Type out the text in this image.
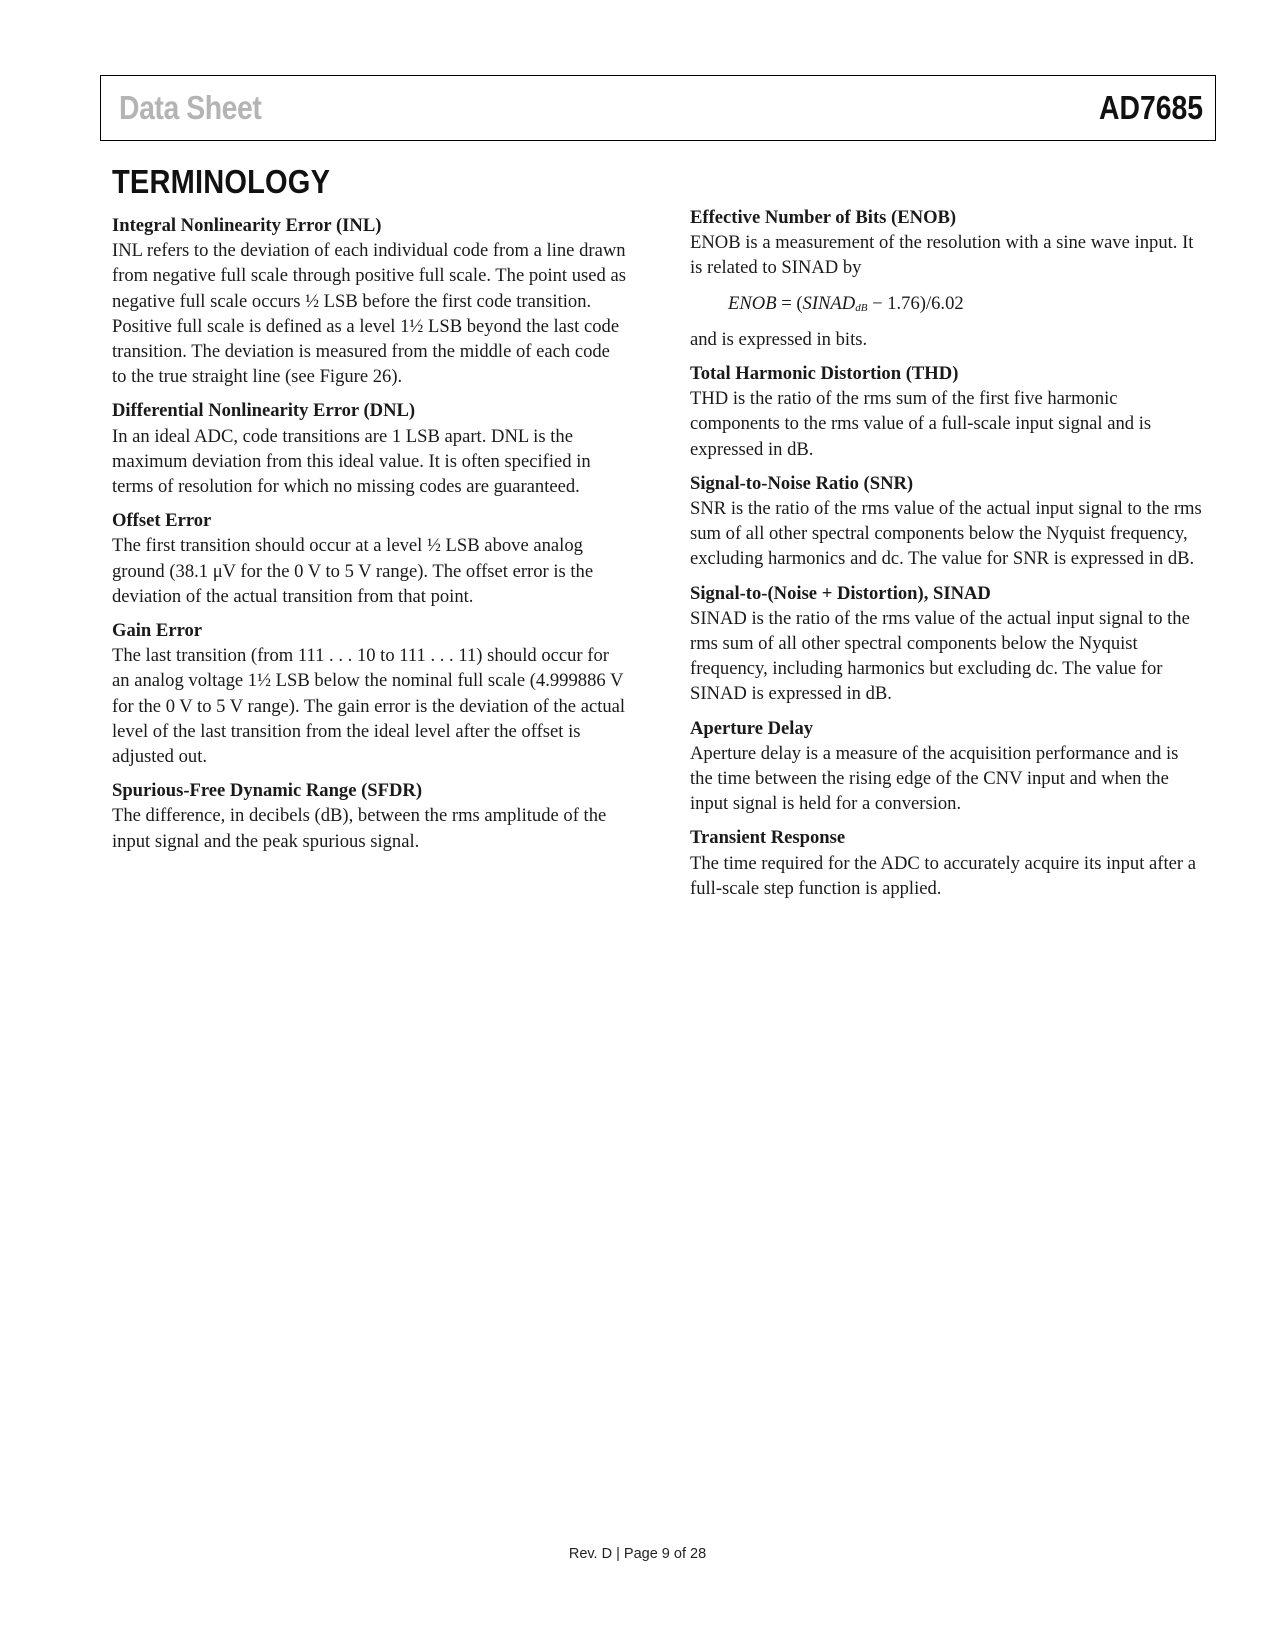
Data Sheet	AD7685
TERMINOLOGY

Integral Nonlinearity Error (INL)

INL refers to the deviation of each individual code from a line drawn from negative full scale through positive full scale. The point used as negative full scale occurs ½ LSB before the first code transition. Positive full scale is defined as a level 1½ LSB beyond the last code transition. The deviation is measured from the middle of each code to the true straight line (see Figure 26).

Differential Nonlinearity Error (DNL)

In an ideal ADC, code transitions are 1 LSB apart. DNL is the maximum deviation from this ideal value. It is often specified in terms of resolution for which no missing codes are guaranteed.

Offset Error

The first transition should occur at a level ½ LSB above analog ground (38.1 μV for the 0 V to 5 V range). The offset error is the deviation of the actual transition from that point.

Gain Error

The last transition (from 111 . . . 10 to 111 . . . 11) should occur for an analog voltage 1½ LSB below the nominal full scale (4.999886 V for the 0 V to 5 V range). The gain error is the deviation of the actual level of the last transition from the ideal level after the offset is adjusted out.

Spurious-Free Dynamic Range (SFDR)

The difference, in decibels (dB), between the rms amplitude of the input signal and the peak spurious signal.

Effective Number of Bits (ENOB)

ENOB is a measurement of the resolution with a sine wave input. It is related to SINAD by

ENOB = $(SINAD_{dB} - 1.76)/6.02$

and is expressed in bits.

Total Harmonic Distortion (THD)

THD is the ratio of the rms sum of the first five harmonic components to the rms value of a full-scale input signal and is expressed in dB.

Signal-to-Noise Ratio (SNR)

SNR is the ratio of the rms value of the actual input signal to the rms sum of all other spectral components below the Nyquist frequency, excluding harmonics and dc. The value for SNR is expressed in dB.

Signal-to-(Noise + Distortion), SINAD

SINAD is the ratio of the rms value of the actual input signal to the rms sum of all other spectral components below the Nyquist frequency, including harmonics but excluding dc. The value for SINAD is expressed in dB.

Aperture Delay

Aperture delay is a measure of the acquisition performance and is the time between the rising edge of the CNV input and when the input signal is held for a conversion.

Transient Response

The time required for the ADC to accurately acquire its input after a full-scale step function is applied.

Rev. D | Page 9 of 28
